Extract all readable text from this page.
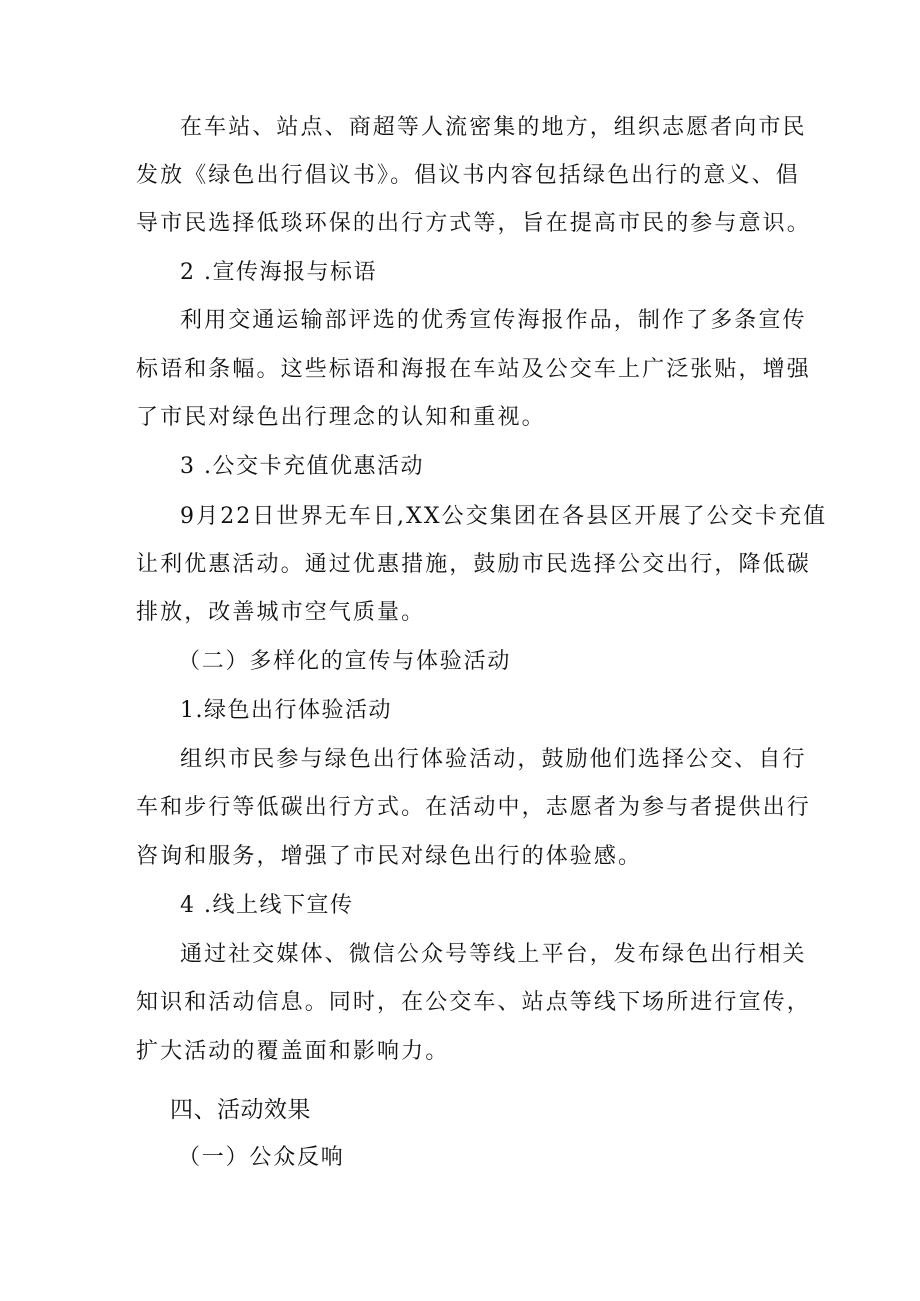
在车站、站点、商超等人流密集的地方，组织志愿者向市民
发放《绿色出行倡议书》。倡议书内容包括绿色出行的意义、倡
导市民选择低琰环保的出行方式等，旨在提高市民的参与意识。
2 .宣传海报与标语
利用交通运输部评选的优秀宣传海报作品，制作了多条宣传
标语和条幅。这些标语和海报在车站及公交车上广泛张贴，增强
了市民对绿色出行理念的认知和重视。
3 .公交卡充值优惠活动
9月22日世界无车日,XX公交集团在各县区开展了公交卡充值
让利优惠活动。通过优惠措施，鼓励市民选择公交出行，降低碳
排放，改善城市空气质量。
（二）多样化的宣传与体验活动
1.绿色出行体验活动
组织市民参与绿色出行体验活动，鼓励他们选择公交、自行
车和步行等低碳出行方式。在活动中，志愿者为参与者提供出行
咨询和服务，增强了市民对绿色出行的体验感。
4 .线上线下宣传
通过社交媒体、微信公众号等线上平台，发布绿色出行相关
知识和活动信息。同时，在公交车、站点等线下场所进行宣传，
扩大活动的覆盖面和影响力。
四、活动效果
（一）公众反响
